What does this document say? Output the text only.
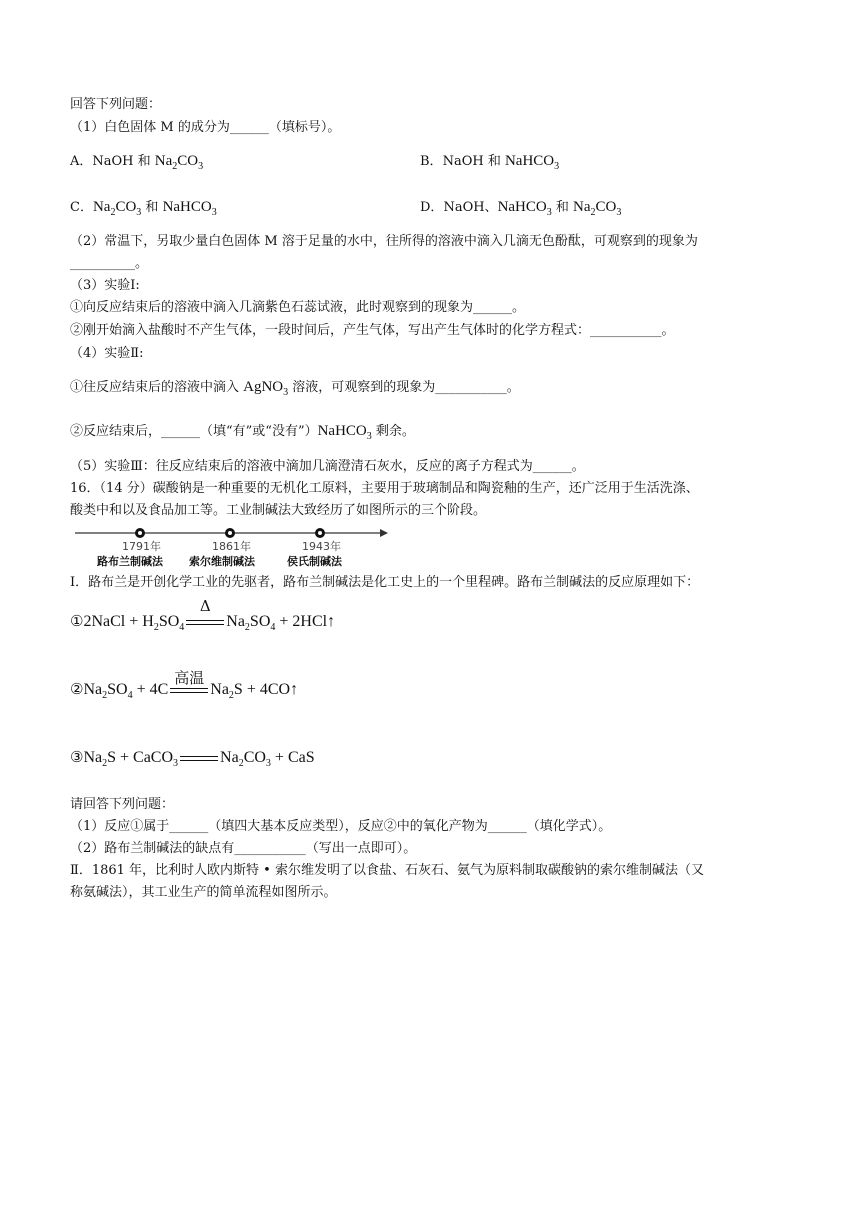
回答下列问题：
（1）白色固体 M 的成分为______（填标号）。
A．NaOH 和 $Na_2CO_3$	B．NaOH 和 NaHCO$_3$
C．$Na_2CO_3$ 和 NaHCO$_3$	D．NaOH、NaHCO$_3$ 和 $Na_2CO_3$
（2）常温下，另取少量白色固体 M 溶于足量的水中，往所得的溶液中滴入几滴无色酚酞，可观察到的现象为
__________。
（3）实验Ⅰ:
①向反应结束后的溶液中滴入几滴紫色石蕊试液，此时观察到的现象为______。
②刚开始滴入盐酸时不产生气体，一段时间后，产生气体，写出产生气体时的化学方程式：___________。
（4）实验Ⅱ:
①往反应结束后的溶液中滴入 AgNO$_3$ 溶液，可观察到的现象为___________。
②反应结束后，______（填“有”或“没有”）NaHCO$_3$ 剩余。
（5）实验Ⅲ：往反应结束后的溶液中滴加几滴澄清石灰水，反应的离子方程式为______。
16．（14 分）碳酸钠是一种重要的无机化工原料，主要用于玻璃制品和陶瓷釉的生产，还广泛用于生活洗涤、
酸类中和以及食品加工等。工业制碱法大致经历了如图所示的三个阶段。
1791年
路布兰制碱法
1861年
索尔维制碱法
1943年
侯氏制碱法
Ⅰ．路布兰是开创化学工业的先驱者，路布兰制碱法是化工史上的一个里程碑。路布兰制碱法的反应原理如下：
①2NaCl + $H_2SO_4$
Δ
$Na_2SO_4$ + 2HCl↑
$②Na_2SO_4 + 4C$
高温
$Na_2S$ + 4CO↑
$③Na_2S$ + CaCO$_3$	$Na_2CO_3$ + CaS
请回答下列问题：
（1）反应①属于______（填四大基本反应类型），反应②中的氧化产物为______（填化学式）。
（2）路布兰制碱法的缺点有___________（写出一点即可）。
Ⅱ．1861 年，比利时人欧内斯特 • 索尔维发明了以食盐、石灰石、氨气为原料制取碳酸钠的索尔维制碱法（又
称氨碱法），其工业生产的简单流程如图所示。
